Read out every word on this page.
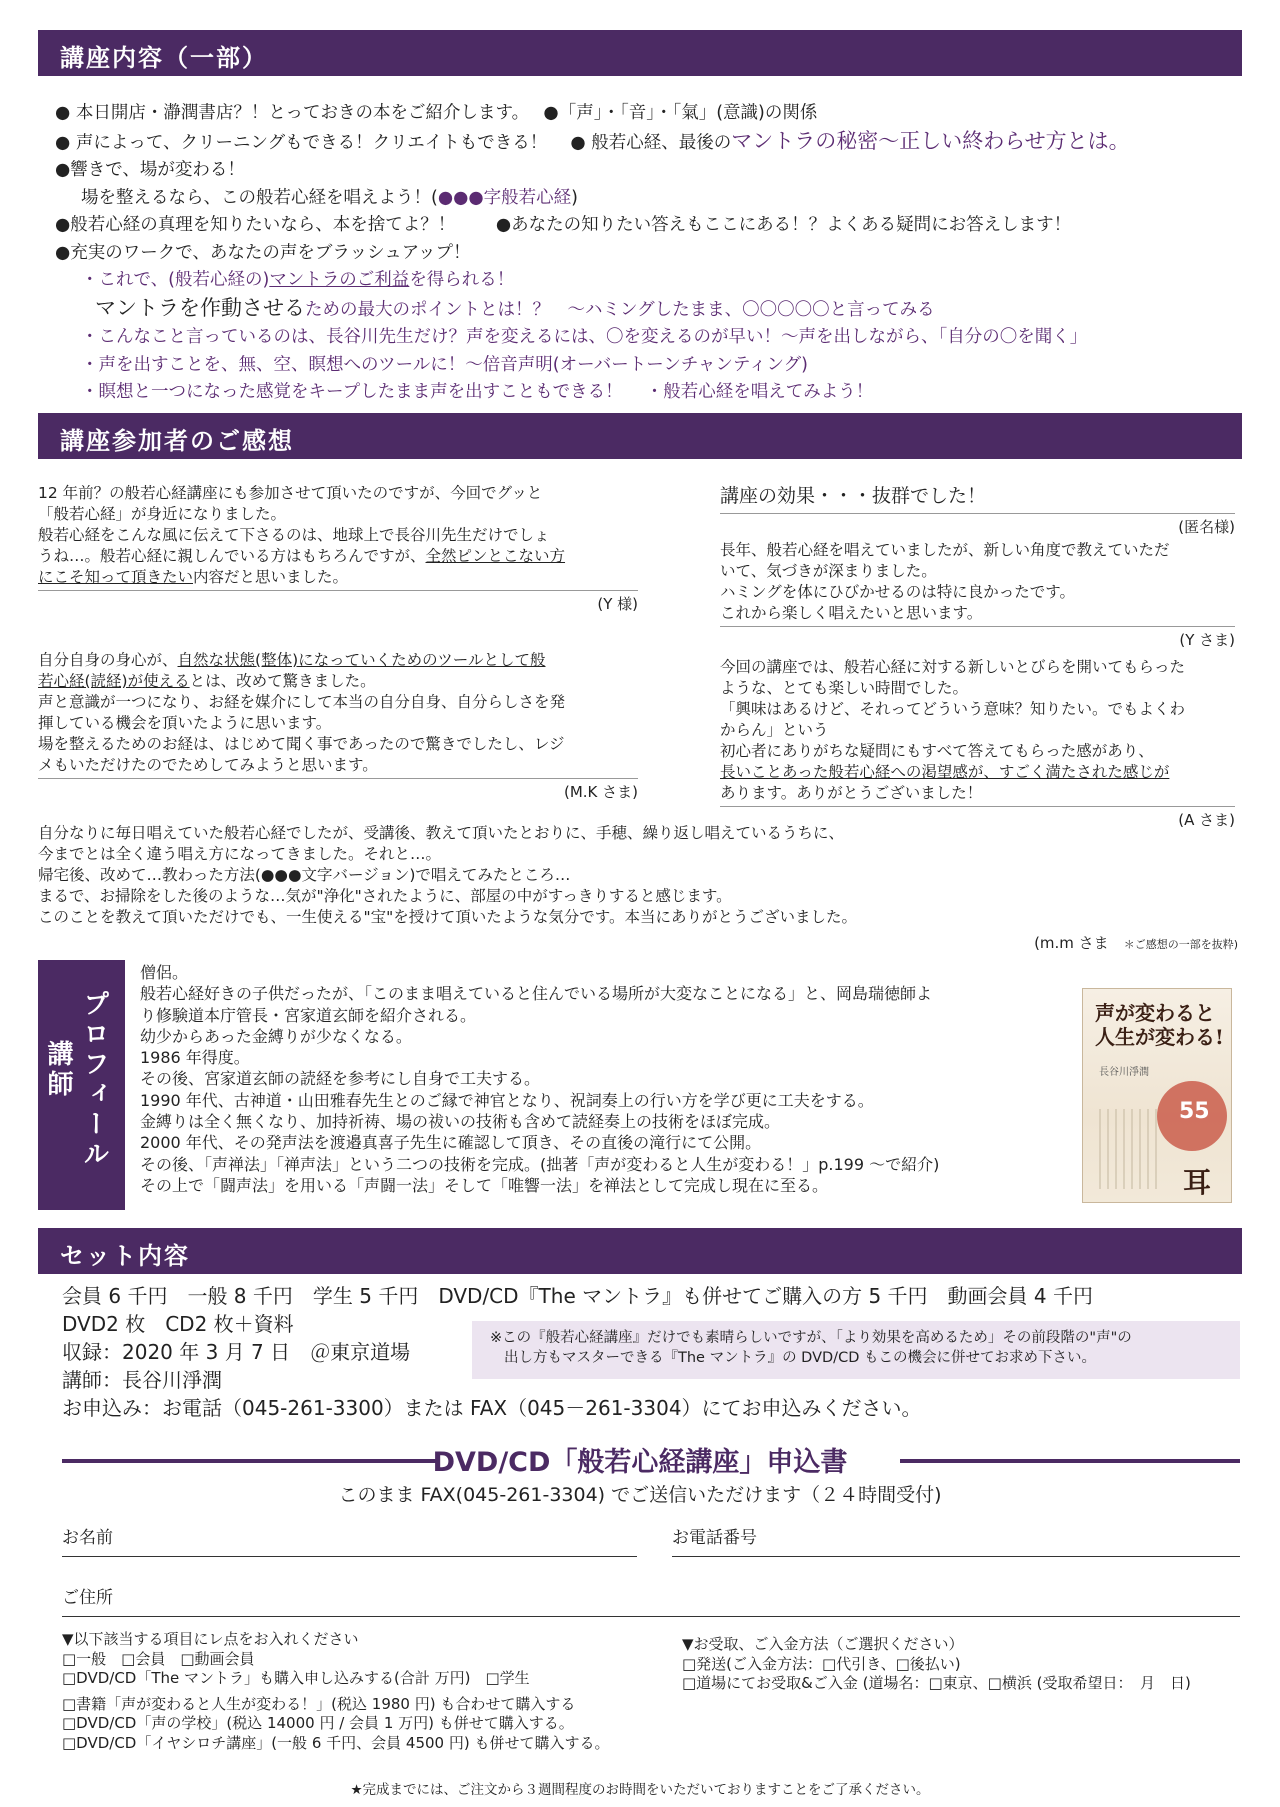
講座内容（一部）
講座参加者のご感想
セット内容
● 本日開店・瀞潤書店？！とっておきの本をご紹介します。　 ●「声」・「音」・「氣」(意識)の関係
● 声によって、クリーニングもできる！クリエイトもできる！　 ● 般若心経、最後のマントラの秘密〜正しい終わらせ方とは。
●響きで、場が変わる！
場を整えるなら、この般若心経を唱えよう！(●●●字般若心経)
●般若心経の真理を知りたいなら、本を捨てよ？！　　 ●あなたの知りたい答えもここにある！？よくある疑問にお答えします！
●充実のワークで、あなたの声をブラッシュアップ！
・これで、(般若心経の)マントラのご利益を得られる！
マントラを作動させるための最大のポイントとは！？　〜ハミングしたまま、〇〇〇〇〇と言ってみる
・こんなこと言っているのは、長谷川先生だけ？声を変えるには、〇を変えるのが早い！〜声を出しながら、「自分の〇を聞く」
・声を出すことを、無、空、瞑想へのツールに！〜倍音声明(オーバートーンチャンティング)
・瞑想と一つになった感覚をキープしたまま声を出すこともできる！　 ・般若心経を唱えてみよう！
12 年前？の般若心経講座にも参加させて頂いたのですが、今回でグッと
「般若心経」が身近になりました。
般若心経をこんな風に伝えて下さるのは、地球上で長谷川先生だけでしょ
うね…。般若心経に親しんでいる方はもちろんですが、全然ピンとこない方
にこそ知って頂きたい内容だと思いました。
(Y 様)
自分自身の身心が、自然な状態(整体)になっていくためのツールとして般
若心経(読経)が使えるとは、改めて驚きました。
声と意識が一つになり、お経を媒介にして本当の自分自身、自分らしさを発
揮している機会を頂いたように思います。
場を整えるためのお経は、はじめて聞く事であったので驚きでしたし、レジ
メもいただけたのでためしてみようと思います。
(M.K さま)
講座の効果・・・抜群でした！
(匿名様)
長年、般若心経を唱えていましたが、新しい角度で教えていただ
いて、気づきが深まりました。
ハミングを体にひびかせるのは特に良かったです。
これから楽しく唱えたいと思います。
(Y さま)
今回の講座では、般若心経に対する新しいとびらを開いてもらった
ような、とても楽しい時間でした。
「興味はあるけど、それってどういう意味？知りたい。でもよくわ
からん」という
初心者にありがちな疑問にもすべて答えてもらった感があり、
長いことあった般若心経への渇望感が、すごく満たされた感じが
あります。ありがとうございました！
(A さま)
自分なりに毎日唱えていた般若心経でしたが、受講後、教えて頂いたとおりに、手穂、繰り返し唱えているうちに、
今までとは全く違う唱え方になってきました。それと…。
帰宅後、改めて…教わった方法(●●●文字バージョン)で唱えてみたところ…
まるで、お掃除をした後のような…気が"浄化"されたように、部屋の中がすっきりすると感じます。
このことを教えて頂いただけでも、一生使える"宝"を授けて頂いたような気分です。本当にありがとうございました。
(m.m さま　 ＊ご感想の一部を抜粋)
プロフィール
講師
僧侶。
般若心経好きの子供だったが、「このまま唱えていると住んでいる場所が大変なことになる」と、岡島瑞徳師よ
り修験道本庁管長・宮家道玄師を紹介される。
幼少からあった金縛りが少なくなる。
1986 年得度。
その後、宮家道玄師の読経を参考にし自身で工夫する。
1990 年代、古神道・山田雅春先生とのご縁で神官となり、祝詞奏上の行い方を学び更に工夫をする。
金縛りは全く無くなり、加持祈祷、場の祓いの技術も含めて読経奏上の技術をほぼ完成。
2000 年代、その発声法を渡邉真喜子先生に確認して頂き、その直後の滝行にて公開。
その後、「声禅法」「禅声法」という二つの技術を完成。(拙著「声が変わると人生が変わる！」p.199 〜で紹介)
その上で「闘声法」を用いる「声闘一法」そして「唯響一法」を禅法として完成し現在に至る。
声が変わると人生が変わる!
長谷川淨潤
55
耳
会員 6 千円　一般 8 千円　学生 5 千円　DVD/CD『The マントラ』も併せてご購入の方 5 千円　動画会員 4 千円
DVD2 枚　CD2 枚＋資料
収録：2020 年 3 月 7 日　＠東京道場
講師：長谷川淨潤
お申込み：お電話（045-261-3300）または FAX（045－261-3304）にてお申込みください。
※この『般若心経講座』だけでも素晴らしいですが、「より効果を高めるため」その前段階の"声"の
出し方もマスターできる『The マントラ』の DVD/CD もこの機会に併せてお求め下さい。
DVD/CD「般若心経講座」申込書
このまま FAX(045-261-3304) でご送信いただけます（２４時間受付)
お名前	お電話番号
ご住所
▼以下該当する項目にレ点をお入れください
□一般　□会員　□動画会員
□DVD/CD「The マントラ」も購入申し込みする(合計 万円)　□学生
□書籍「声が変わると人生が変わる！」(税込 1980 円) も合わせて購入する
□DVD/CD「声の学校」(税込 14000 円 / 会員 1 万円) も併せて購入する。
□DVD/CD「イヤシロチ講座」(一般 6 千円、会員 4500 円) も併せて購入する。
▼お受取、ご入金方法（ご選択ください）
□発送(ご入金方法：□代引き、□後払い)
□道場にてお受取&ご入金 (道場名：□東京、□横浜 (受取希望日：　月　日)
★完成までには、ご注文から３週間程度のお時間をいただいておりますことをご了承ください。
